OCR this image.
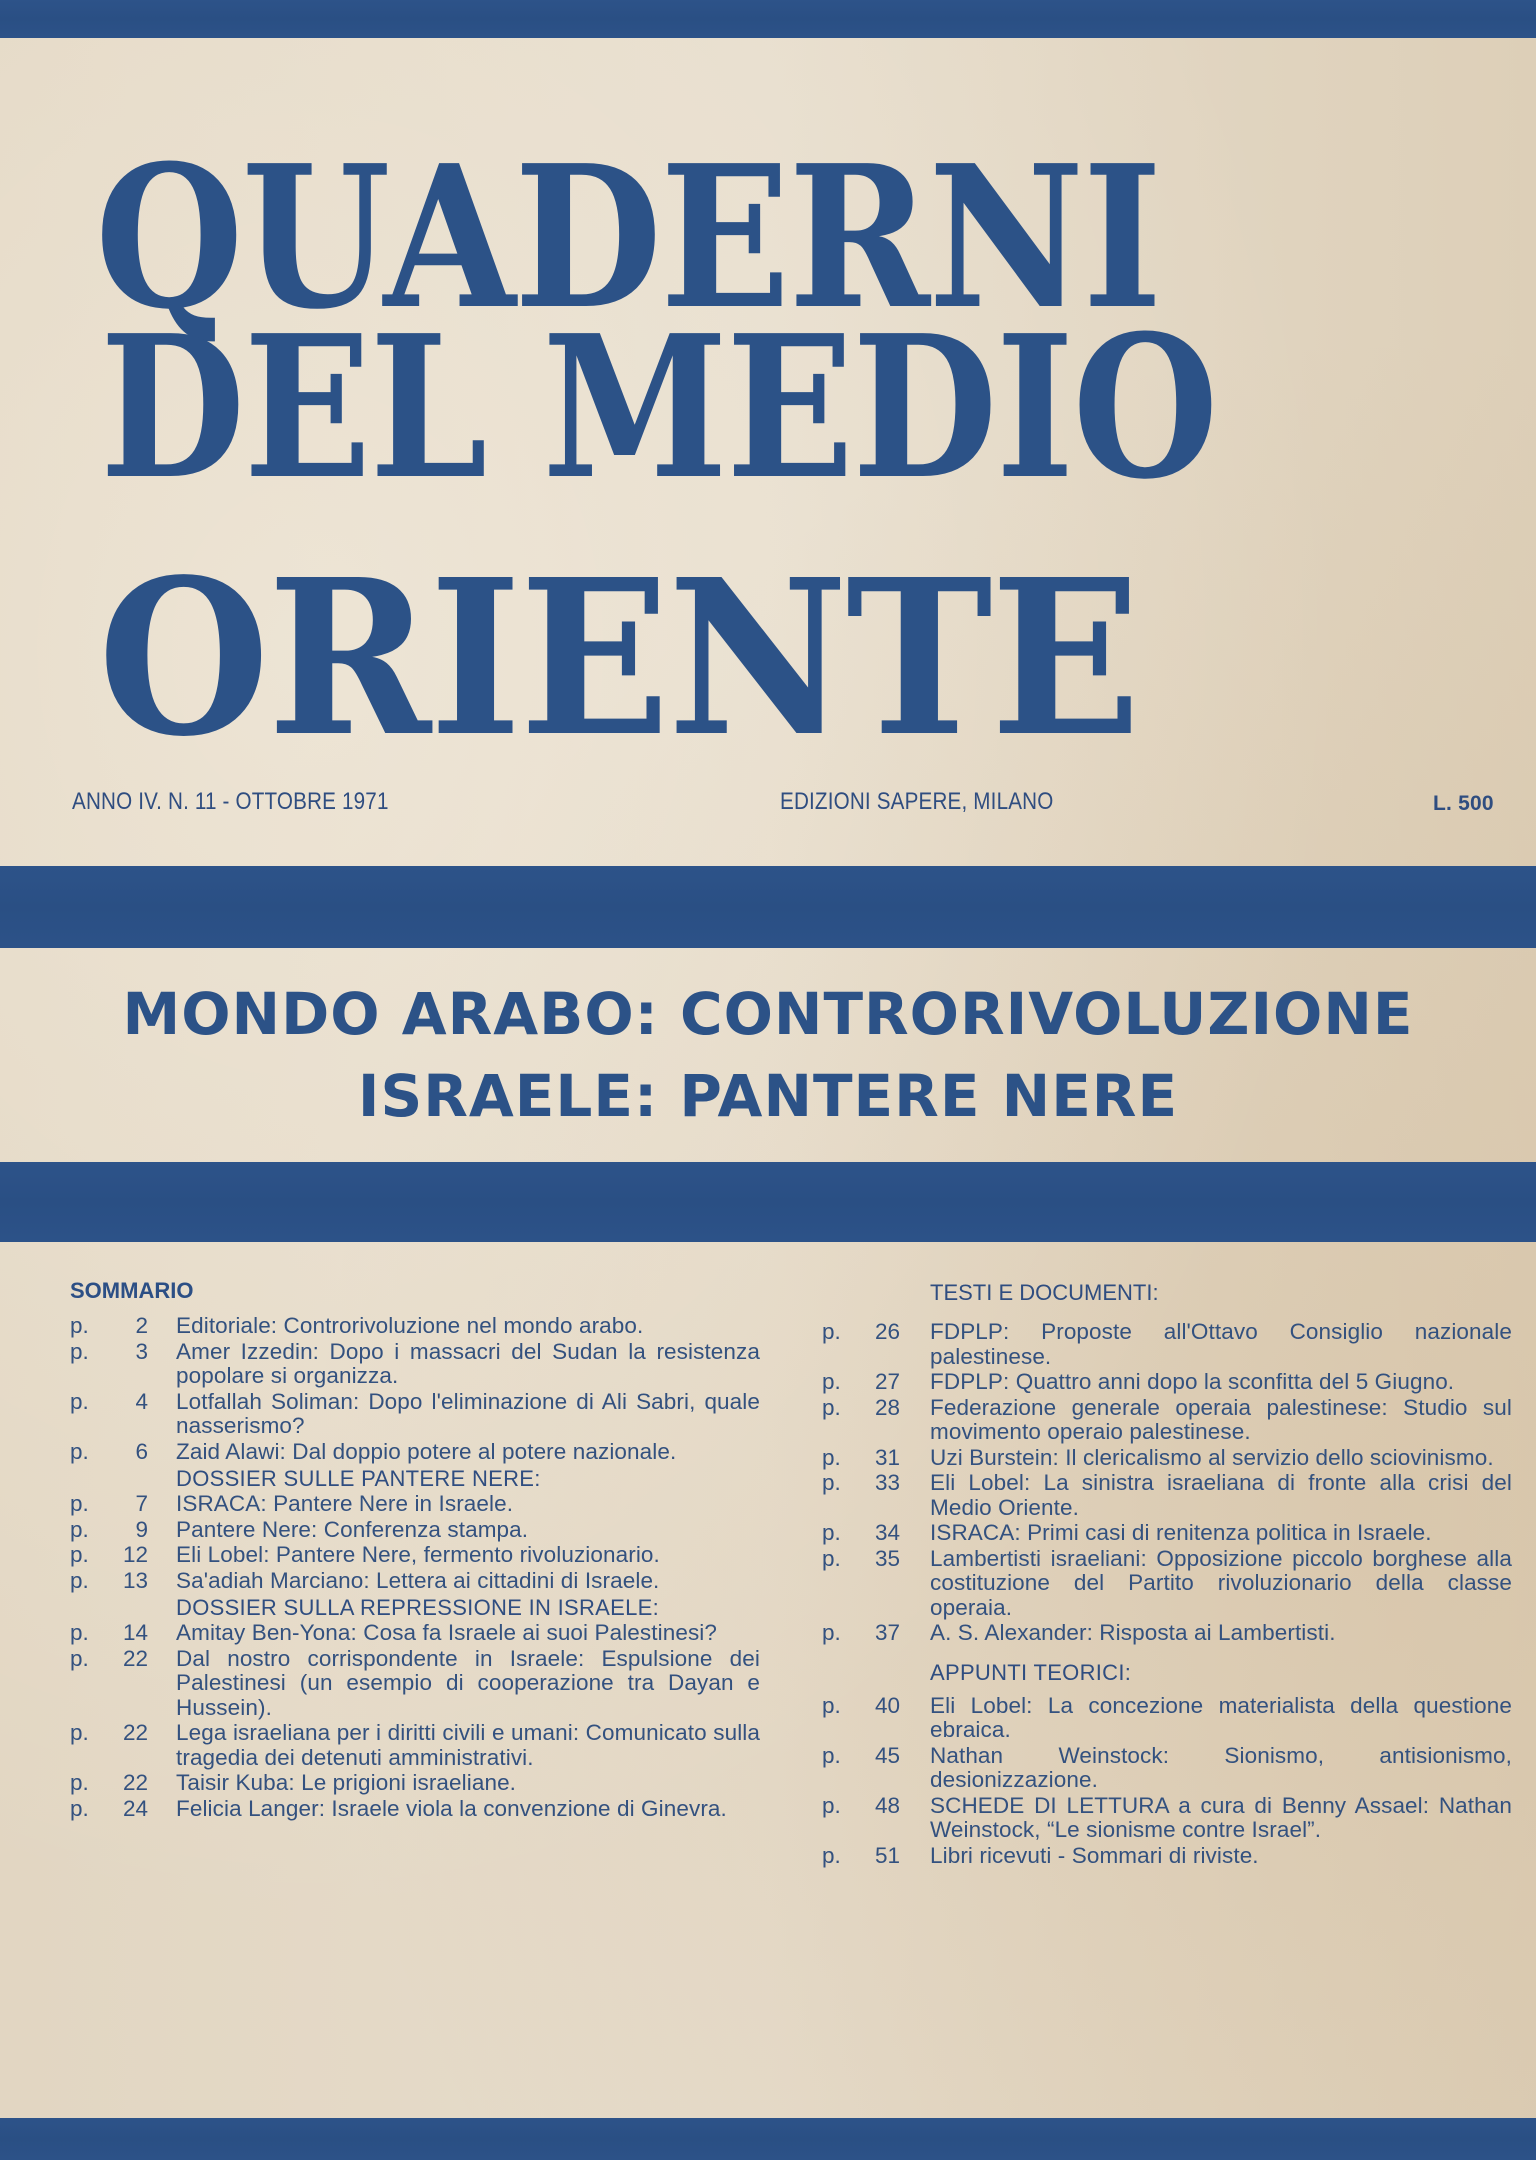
QUADERNI
DEL MEDIO
ORIENTE
ANNO IV. N. 11 - OTTOBRE 1971	EDIZIONI SAPERE, MILANO	L. 500
MONDO ARABO: CONTRORIVOLUZIONE
ISRAELE: PANTERE NERE
SOMMARIO
p.	2 Editoriale: Controrivoluzione nel mondo arabo.
p.	3 Amer Izzedin: Dopo i massacri del Sudan la resistenza popolare si organizza.
p.	4 Lotfallah Soliman: Dopo l'eliminazione di Ali Sabri, quale nasserismo?
p.	6 Zaid Alawi: Dal doppio potere al potere nazionale.
DOSSIER SULLE PANTERE NERE:
p.	7 ISRACA: Pantere Nere in Israele.
p.	9 Pantere Nere: Conferenza stampa.
p.	12 Eli Lobel: Pantere Nere, fermento rivoluzionario.
p.	13 Sa'adiah Marciano: Lettera ai cittadini di Israele.
DOSSIER SULLA REPRESSIONE IN ISRAELE:
p.	14 Amitay Ben-Yona: Cosa fa Israele ai suoi Palestinesi?
p.	22 Dal nostro corrispondente in Israele: Espulsione dei Palestinesi (un esempio di cooperazione tra Dayan e Hussein).
p.	22 Lega israeliana per i diritti civili e umani: Comunicato sulla tragedia dei detenuti amministrativi.
p.	22 Taisir Kuba: Le prigioni israeliane.
p.	24 Felicia Langer: Israele viola la convenzione di Ginevra.
TESTI E DOCUMENTI:
p.	26 FDPLP: Proposte all'Ottavo Consiglio nazionale palestinese.
p.	27 FDPLP: Quattro anni dopo la sconfitta del 5 Giugno.
p.	28 Federazione generale operaia palestinese: Studio sul movimento operaio palestinese.
p.	31 Uzi Burstein: Il clericalismo al servizio dello sciovinismo.
p.	33 Eli Lobel: La sinistra israeliana di fronte alla crisi del Medio Oriente.
p.	34 ISRACA: Primi casi di renitenza politica in Israele.
p.	35 Lambertisti israeliani: Opposizione piccolo borghese alla costituzione del Partito rivoluzionario della classe operaia.
p.	37 A. S. Alexander: Risposta ai Lambertisti.
APPUNTI TEORICI:
p.	40 Eli Lobel: La concezione materialista della questione ebraica.
p.	45 Nathan Weinstock: Sionismo, antisionismo, desionizzazione.
p.	48 SCHEDE DI LETTURA a cura di Benny Assael: Nathan Weinstock, “Le sionisme contre Israel”.
p.	51 Libri ricevuti - Sommari di riviste.
